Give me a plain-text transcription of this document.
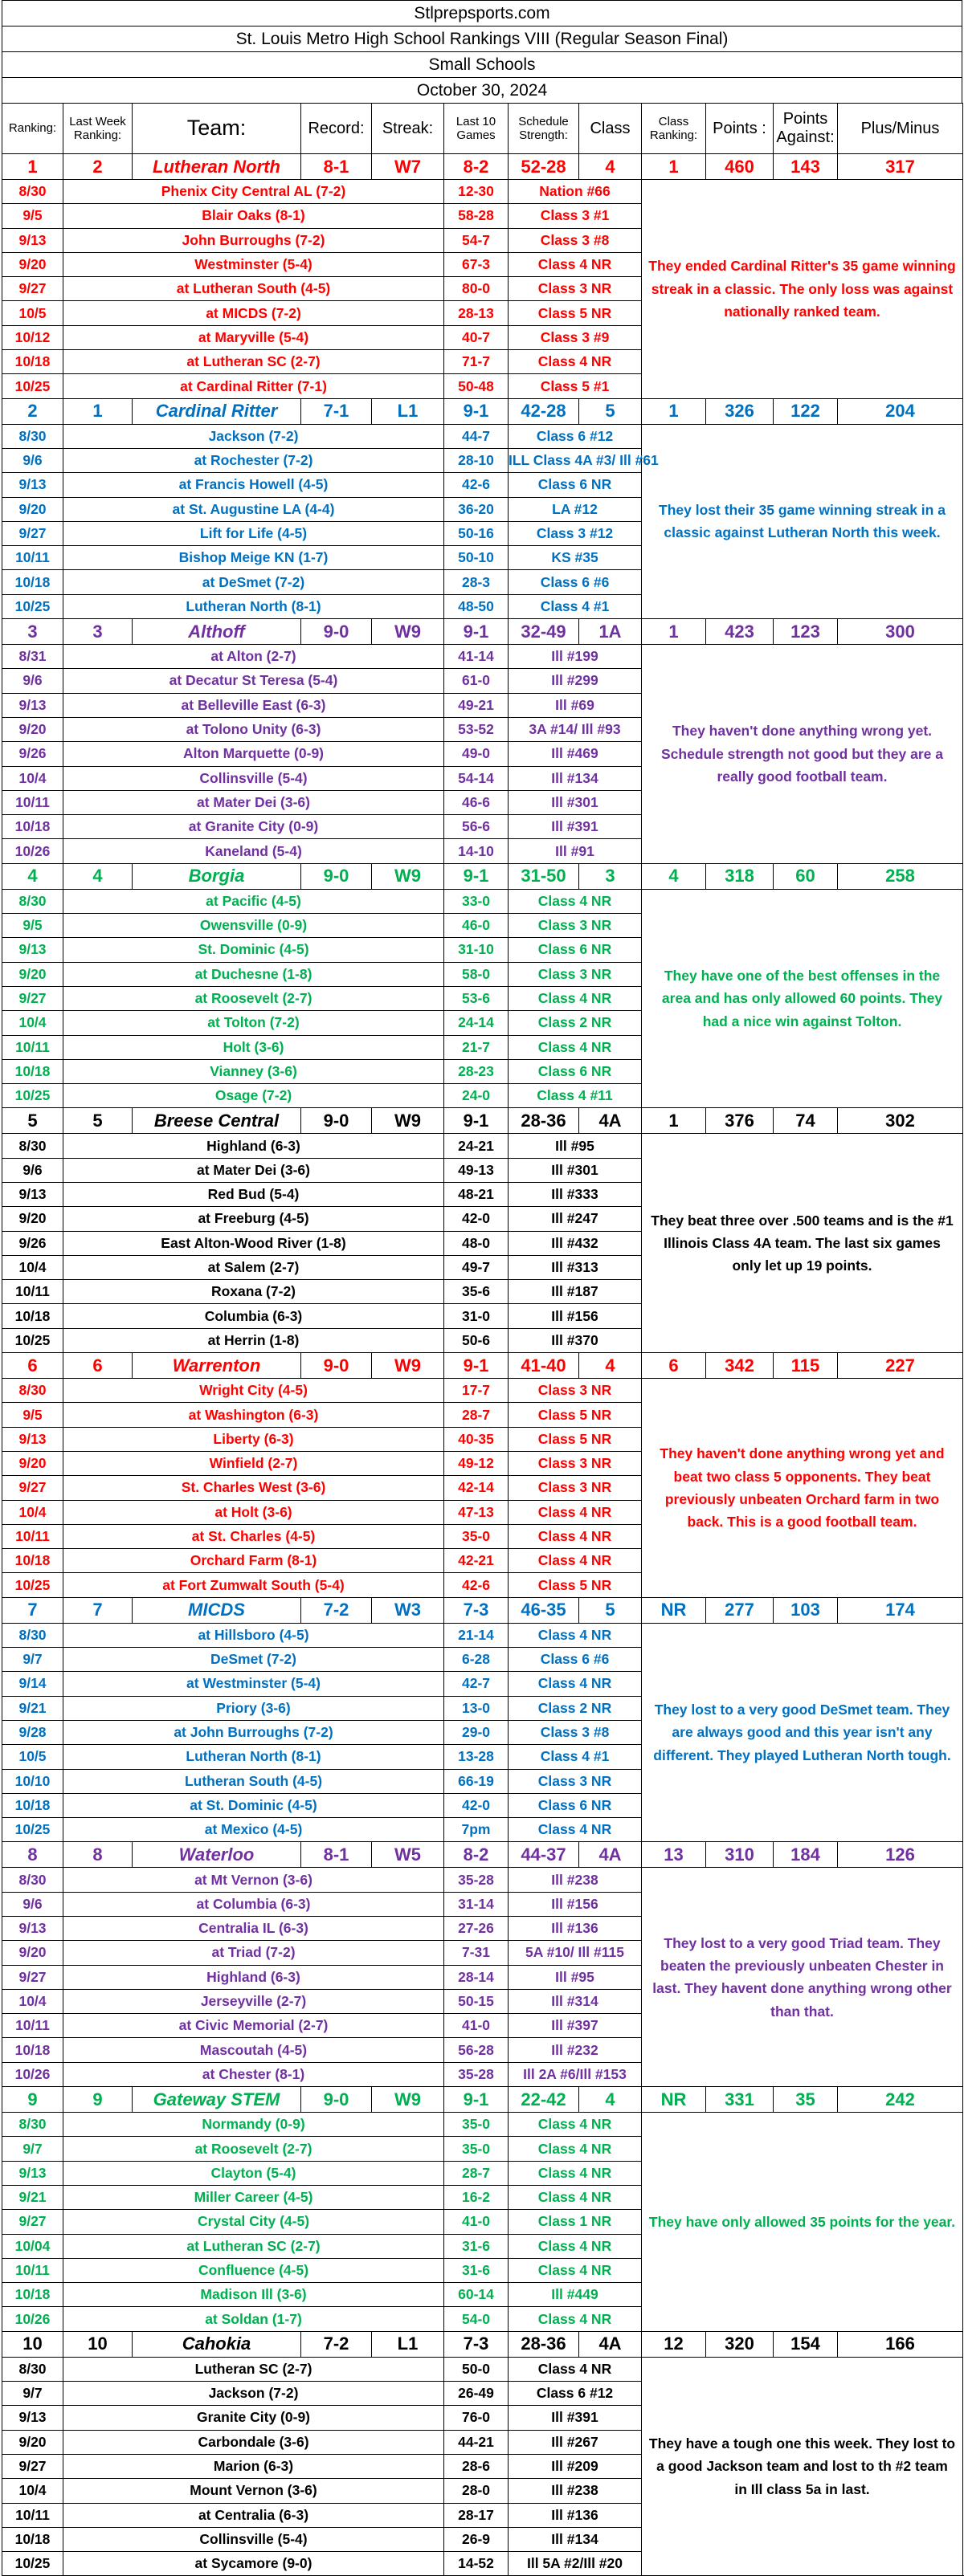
Stlprepsports.com
St. Louis Metro High School Rankings VIII (Regular Season Final)
Small Schools
October 30, 2024
Ranking:	Last Week Ranking:	Team:	Record:	Streak:	Last 10 Games	Schedule Strength:	Class	Class Ranking:	Points :	Points Against:	Plus/Minus
1	2	Lutheran North	8-1	W7	8-2	52-28	4	1	460	143	317
8/30	Phenix City Central AL (7-2)				12-30	Nation #66		They ended Cardinal Ritter's 35 game winning streak in a classic. The only loss was against nationally ranked team.			
9/5	Blair Oaks (8-1)				58-28	Class 3 #1					
9/13	John Burroughs (7-2)				54-7	Class 3 #8					
9/20	Westminster (5-4)				67-3	Class 4 NR					
9/27	at Lutheran South (4-5)				80-0	Class 3 NR					
10/5	at MICDS (7-2)				28-13	Class 5 NR					
10/12	at Maryville (5-4)				40-7	Class 3 #9					
10/18	at Lutheran SC (2-7)				71-7	Class 4 NR					
10/25	at Cardinal Ritter (7-1)				50-48	Class 5 #1					
2	1	Cardinal Ritter	7-1	L1	9-1	42-28	5	1	326	122	204
8/30	Jackson (7-2)				44-7	Class 6 #12		They lost their 35 game winning streak in a classic against Lutheran North this week.			
9/6	at Rochester (7-2)				28-10	ILL Class 4A #3/ Ill #61					
9/13	at Francis Howell (4-5)				42-6	Class 6 NR					
9/20	at St. Augustine LA (4-4)				36-20	LA #12					
9/27	Lift for Life (4-5)				50-16	Class 3 #12					
10/11	Bishop Meige KN (1-7)				50-10	KS #35					
10/18	at DeSmet (7-2)				28-3	Class 6 #6					
10/25	Lutheran North (8-1)				48-50	Class 4 #1					
3	3	Althoff	9-0	W9	9-1	32-49	1A	1	423	123	300
8/31	at Alton (2-7)				41-14	Ill #199		They haven't done anything wrong yet. Schedule strength not good but they are a really good football team.			
9/6	at Decatur St Teresa (5-4)				61-0	Ill #299					
9/13	at Belleville East (6-3)				49-21	Ill #69					
9/20	at Tolono Unity (6-3)				53-52	3A #14/ Ill #93					
9/26	Alton Marquette (0-9)				49-0	Ill #469					
10/4	Collinsville (5-4)				54-14	Ill #134					
10/11	at Mater Dei (3-6)				46-6	Ill #301					
10/18	at Granite City (0-9)				56-6	Ill #391					
10/26	Kaneland (5-4)				14-10	Ill #91					
4	4	Borgia	9-0	W9	9-1	31-50	3	4	318	60	258
8/30	at Pacific (4-5)				33-0	Class 4 NR		They have one of the best offenses in the area and has only allowed 60 points. They had a nice win against Tolton.			
9/5	Owensville (0-9)				46-0	Class 3 NR					
9/13	St. Dominic (4-5)				31-10	Class 6 NR					
9/20	at Duchesne (1-8)				58-0	Class 3 NR					
9/27	at Roosevelt (2-7)				53-6	Class 4 NR					
10/4	at Tolton (7-2)				24-14	Class 2 NR					
10/11	Holt (3-6)				21-7	Class 4 NR					
10/18	Vianney (3-6)				28-23	Class 6 NR					
10/25	Osage (7-2)				24-0	Class 4 #11					
5	5	Breese Central	9-0	W9	9-1	28-36	4A	1	376	74	302
8/30	Highland (6-3)				24-21	Ill #95		They beat three over .500 teams and is the #1 Illinois Class 4A team. The last six games only let up 19 points.			
9/6	at Mater Dei (3-6)				49-13	Ill #301					
9/13	Red Bud (5-4)				48-21	Ill #333					
9/20	at Freeburg (4-5)				42-0	Ill #247					
9/26	East Alton-Wood River (1-8)				48-0	Ill #432					
10/4	at Salem (2-7)				49-7	Ill #313					
10/11	Roxana (7-2)				35-6	Ill #187					
10/18	Columbia (6-3)				31-0	Ill #156					
10/25	at Herrin (1-8)				50-6	Ill #370					
6	6	Warrenton	9-0	W9	9-1	41-40	4	6	342	115	227
8/30	Wright City (4-5)				17-7	Class 3 NR		They haven't done anything wrong yet and beat two class 5 opponents. They beat previously unbeaten Orchard farm in two back. This is a good football team.			
9/5	at Washington (6-3)				28-7	Class 5 NR					
9/13	Liberty (6-3)				40-35	Class 5 NR					
9/20	Winfield (2-7)				49-12	Class 3 NR					
9/27	St. Charles West (3-6)				42-14	Class 3 NR					
10/4	at Holt (3-6)				47-13	Class 4 NR					
10/11	at St. Charles (4-5)				35-0	Class 4 NR					
10/18	Orchard Farm (8-1)				42-21	Class 4 NR					
10/25	at Fort Zumwalt South (5-4)				42-6	Class 5 NR					
7	7	MICDS	7-2	W3	7-3	46-35	5	NR	277	103	174
8/30	at Hillsboro (4-5)				21-14	Class 4 NR		They lost to a very good DeSmet team. They are always good and this year isn't any different. They played Lutheran North tough.			
9/7	DeSmet (7-2)				6-28	Class 6 #6					
9/14	at Westminster (5-4)				42-7	Class 4 NR					
9/21	Priory (3-6)				13-0	Class 2 NR					
9/28	at John Burroughs (7-2)				29-0	Class 3 #8					
10/5	Lutheran North (8-1)				13-28	Class 4 #1					
10/10	Lutheran South (4-5)				66-19	Class 3 NR					
10/18	at St. Dominic (4-5)				42-0	Class 6 NR					
10/25	at Mexico (4-5)				7pm	Class 4 NR					
8	8	Waterloo	8-1	W5	8-2	44-37	4A	13	310	184	126
8/30	at Mt Vernon (3-6)				35-28	Ill #238		They lost to a very good Triad team. They beaten the previously unbeaten Chester in last. They havent done anything wrong other than that.			
9/6	at Columbia (6-3)				31-14	Ill #156					
9/13	Centralia IL (6-3)				27-26	Ill #136					
9/20	at Triad (7-2)				7-31	5A #10/ Ill #115					
9/27	Highland (6-3)				28-14	Ill #95					
10/4	Jerseyville (2-7)				50-15	Ill #314					
10/11	at Civic Memorial (2-7)				41-0	Ill #397					
10/18	Mascoutah (4-5)				56-28	Ill #232					
10/26	at Chester (8-1)				35-28	Ill 2A #6/Ill #153					
9	9	Gateway STEM	9-0	W9	9-1	22-42	4	NR	331	35	242
8/30	Normandy (0-9)				35-0	Class 4 NR		They have only allowed 35 points for the year.			
9/7	at Roosevelt (2-7)				35-0	Class 4 NR					
9/13	Clayton (5-4)				28-7	Class 4 NR					
9/21	Miller Career (4-5)				16-2	Class 4 NR					
9/27	Crystal City (4-5)				41-0	Class 1 NR					
10/04	at Lutheran SC (2-7)				31-6	Class 4 NR					
10/11	Confluence (4-5)				31-6	Class 4 NR					
10/18	Madison Ill (3-6)				60-14	Ill #449					
10/26	at Soldan (1-7)				54-0	Class 4 NR					
10	10	Cahokia	7-2	L1	7-3	28-36	4A	12	320	154	166
8/30	Lutheran SC (2-7)				50-0	Class 4 NR		They have a tough one this week. They lost to a good Jackson team and lost to th #2 team in Ill class 5a in last.			
9/7	Jackson (7-2)				26-49	Class 6 #12					
9/13	Granite City (0-9)				76-0	Ill #391					
9/20	Carbondale (3-6)				44-21	Ill #267					
9/27	Marion (6-3)				28-6	Ill #209					
10/4	Mount Vernon (3-6)				28-0	Ill #238					
10/11	at Centralia (6-3)				28-17	Ill #136					
10/18	Collinsville (5-4)				26-9	Ill #134					
10/25	at Sycamore (9-0)				14-52	Ill 5A #2/Ill #20					
